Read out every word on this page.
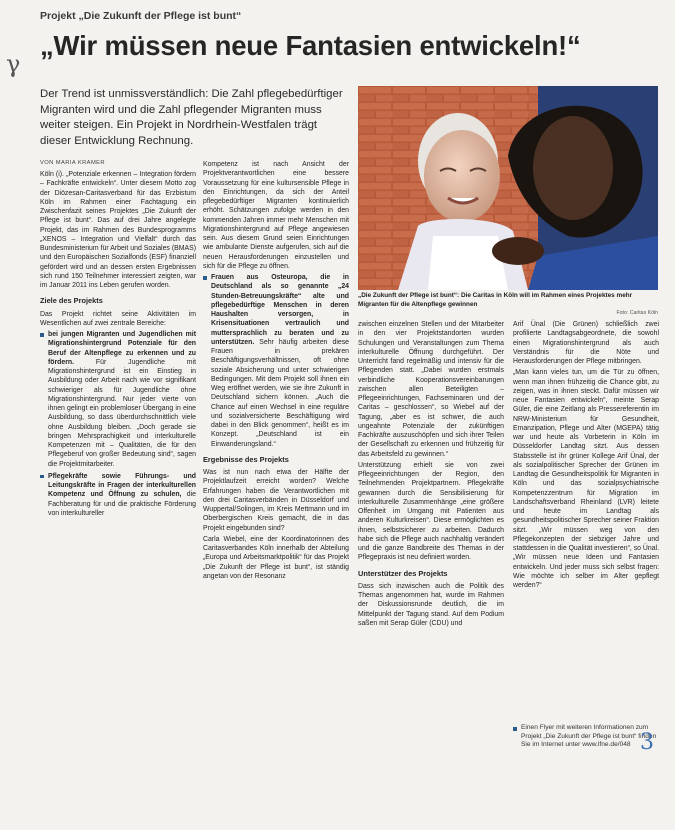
Projekt „Die Zukunft der Pflege ist bunt“
γ
„Wir müssen neue Fantasien entwickeln!“
Der Trend ist unmissverständlich: Die Zahl pflegebedürftiger Migranten wird und die Zahl pflegender Migranten muss weiter steigen. Ein Projekt in Nordrhein-Westfalen trägt dieser Entwicklung Rechnung.
VON MARIA KRAMER
„Die Zukunft der Pflege ist bunt“: Die Caritas in Köln will im Rahmen eines Projektes mehr Migranten für die Altenpflege gewinnen
Foto: Caritas Köln

Köln (i). „Potenziale erkennen – Integration fördern – Fachkräfte entwickeln“. Unter diesem Motto zog der Diözesan-Caritasverband für das Erzbistum Köln im Rahmen einer Fachtagung ein Zwischenfazit seines Projektes „Die Zukunft der Pflege ist bunt“. Das auf drei Jahre angelegte Projekt, das im Rahmen des Bundesprogramms „XENOS – Integration und Vielfalt“ durch das Bundesministerium für Arbeit und Soziales (BMAS) und den Europäischen Sozialfonds (ESF) finanziell gefördert wird und an dessen ersten Ergebnissen sich rund 150 Teilnehmer interessiert zeigten, war im Januar 2011 ins Leben gerufen worden.

Ziele des Projekts

Das Projekt richtet seine Aktivitäten im Wesentlichen auf zwei zentrale Bereiche:

bei jungen Migranten und Jugendlichen mit Migrationshintergrund Potenziale für den Beruf der Altenpflege zu erkennen und zu fördern. Für Jugendliche mit Migrationshintergrund ist ein Einstieg in Ausbildung oder Arbeit nach wie vor signifikant schwieriger als für Jugendliche ohne Migrationshintergrund. Nur jeder vierte von ihnen gelingt ein problemloser Übergang in eine Ausbildung, so dass überdurchschnittlich viele ohne Ausbildung bleiben. „Doch gerade sie bringen Mehrsprachigkeit und interkulturelle Kompetenzen mit – Qualitäten, die für den Pflegeberuf von großer Bedeutung sind“, sagen die Projektmitarbeiter.
Pflegekräfte sowie Führungs- und Leitungskräfte in Fragen der interkulturellen Kompetenz und Öffnung zu schulen, die Fachberatung für und die praktische Förderung von interkultureller

Kompetenz ist nach Ansicht der Projektverantwortlichen eine bessere Voraussetzung für eine kultursensible Pflege in den Einrichtungen, da sich der Anteil pflegebedürftiger Migranten kontinuierlich erhöht. Schätzungen zufolge werden in den kommenden Jahren immer mehr Menschen mit Migrationshintergrund auf Pflege angewiesen sein. Aus diesem Grund seien Einrichtungen wie ambulante Dienste aufgerufen, sich auf die neuen Herausforderungen einzustellen und sich für die Pflege zu öffnen.

Frauen aus Osteuropa, die in Deutschland als so genannte „24 Stunden-Betreuungskräfte“ alte und pflegebedürftige Menschen in deren Haushalten versorgen, in Krisensituationen vertraulich und muttersprachlich zu beraten und zu unterstützen. Sehr häufig arbeiten diese Frauen in prekären Beschäftigungsverhältnissen, oft ohne soziale Absicherung und unter schwierigen Bedingungen. Mit dem Projekt soll ihnen ein Weg eröffnet werden, wie sie ihre Zukunft in Deutschland sichern können. „Auch die Chance auf einen Wechsel in eine reguläre und sozialversicherte Beschäftigung wird dabei in den Blick genommen“, heißt es im Konzept. „Deutschland ist ein Einwanderungsland.“
Ergebnisse des Projekts

Was ist nun nach etwa der Hälfte der Projektlaufzeit erreicht worden? Welche Erfahrungen haben die Verantwortlichen mit den drei Caritasverbänden in Düsseldorf und Wuppertal/Solingen, im Kreis Mettmann und im Oberbergischen Kreis gemacht, die in das Projekt eingebunden sind?

Carla Wiebel, eine der Koordinatorinnen des Caritasverbandes Köln innerhalb der Abteilung „Europa und Arbeitsmarktpolitik“ für das Projekt „Die Zukunft der Pflege ist bunt“, ist ständig angetan von der Resonanz

zwischen einzelnen Stellen und der Mitarbeiter in den vier Projektstandorten wurden Schulungen und Veranstaltungen zum Thema interkulturelle Öffnung durchgeführt. Der Unterricht fand regelmäßig und intensiv für die Pflegenden statt. „Dabei wurden erstmals verbindliche Kooperationsvereinbarungen zwischen allen Beteiligten – Pflegeeinrichtungen, Fachseminaren und der Caritas – geschlossen“, so Wiebel auf der Tagung, „aber es ist schwer, die auch ungeahnte Potenziale der zukünftigen Fachkräfte auszuschöpfen und sich ihrer Teilen der Gesellschaft zu erkennen und frühzeitig für das Arbeitsfeld zu gewinnen.“

Unterstützung erhielt sie von zwei Pflegeeinrichtungen der Region, den Teilnehmenden Projektpartnern. Pflegekräfte gewannen durch die Sensibilisierung für interkulturelle Zusammenhänge „eine größere Offenheit im Umgang mit Patienten aus anderen Kulturkreisen“. Diese ermöglichten es ihnen, selbstsicherer zu arbeiten. Dadurch habe sich die Pflege auch nachhaltig verändert und die ganze Bandbreite des Themas in der Pflegepraxis ist neu definiert worden.

Unterstützer des Projekts

Dass sich inzwischen auch die Politik des Themas angenommen hat, wurde im Rahmen der Diskussionsrunde deutlich, die im Mittelpunkt der Tagung stand. Auf dem Podium saßen mit Serap Güler (CDU) und

Arif Ünal (Die Grünen) schließlich zwei profilierte Landtagsabgeordnete, die sowohl einen Migrationshintergrund als auch Verständnis für die Nöte und Herausforderungen der Pflege mitbringen.

„Man kann vieles tun, um die Tür zu öffnen, wenn man ihnen frühzeitig die Chance gibt, zu zeigen, was in ihnen steckt. Dafür müssen wir neue Fantasien entwickeln“, meinte Serap Güler, die eine Zeitlang als Pressereferentin im NRW-Ministerium für Gesundheit, Emanzipation, Pflege und Alter (MGEPA) tätig war und heute als Vorbeterin in Köln im Düsseldorfer Landtag sitzt. Aus dessen Stabsstelle ist ihr grüner Kollege Arif Ünal, der als sozialpolitischer Sprecher der Grünen im Landtag die Gesundheitspolitik für Migranten in Köln und das sozialpsychiatrische Kompetenzzentrum für Migration im Landschaftsverband Rheinland (LVR) leitete und heute im Landtag als gesundheitspolitischer Sprecher seiner Fraktion sitzt. „Wir müssen weg von den Pflegekonzepten der siebziger Jahre und stattdessen in die Qualität investieren“, so Ünal. „Wir müssen neue Ideen und Fantasien entwickeln. Und jeder muss sich selbst fragen: Wie möchte ich selber im Alter gepflegt werden?“

Einen Flyer mit weiteren Informationen zum Projekt „Die Zukunft der Pflege ist bunt“ finden Sie im Internet unter www.lfne.de/048 3
